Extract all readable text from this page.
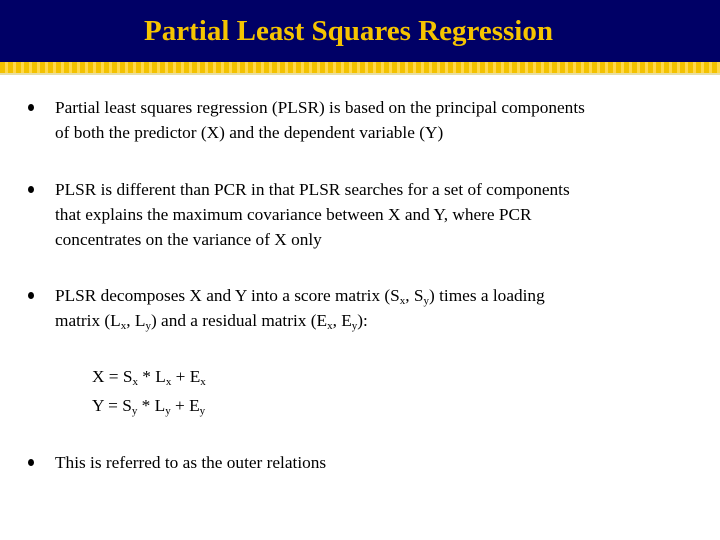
Partial Least Squares Regression
Partial least squares regression (PLSR) is based on the principal components
of both the predictor (X) and the dependent variable (Y)
PLSR is different than PCR in that PLSR searches for a set of components
that explains the maximum covariance between X and Y, where PCR
concentrates on the variance of X only
PLSR decomposes X and Y into a score matrix ($S_x$, $S_y$) times a loading
matrix ($L_x$, $L_y$) and a residual matrix ($E_x$, $E_y$):
$X = S_x * L_x + E_x$
$Y = S_y * L_y + E_y$
This is referred to as the outer relations
